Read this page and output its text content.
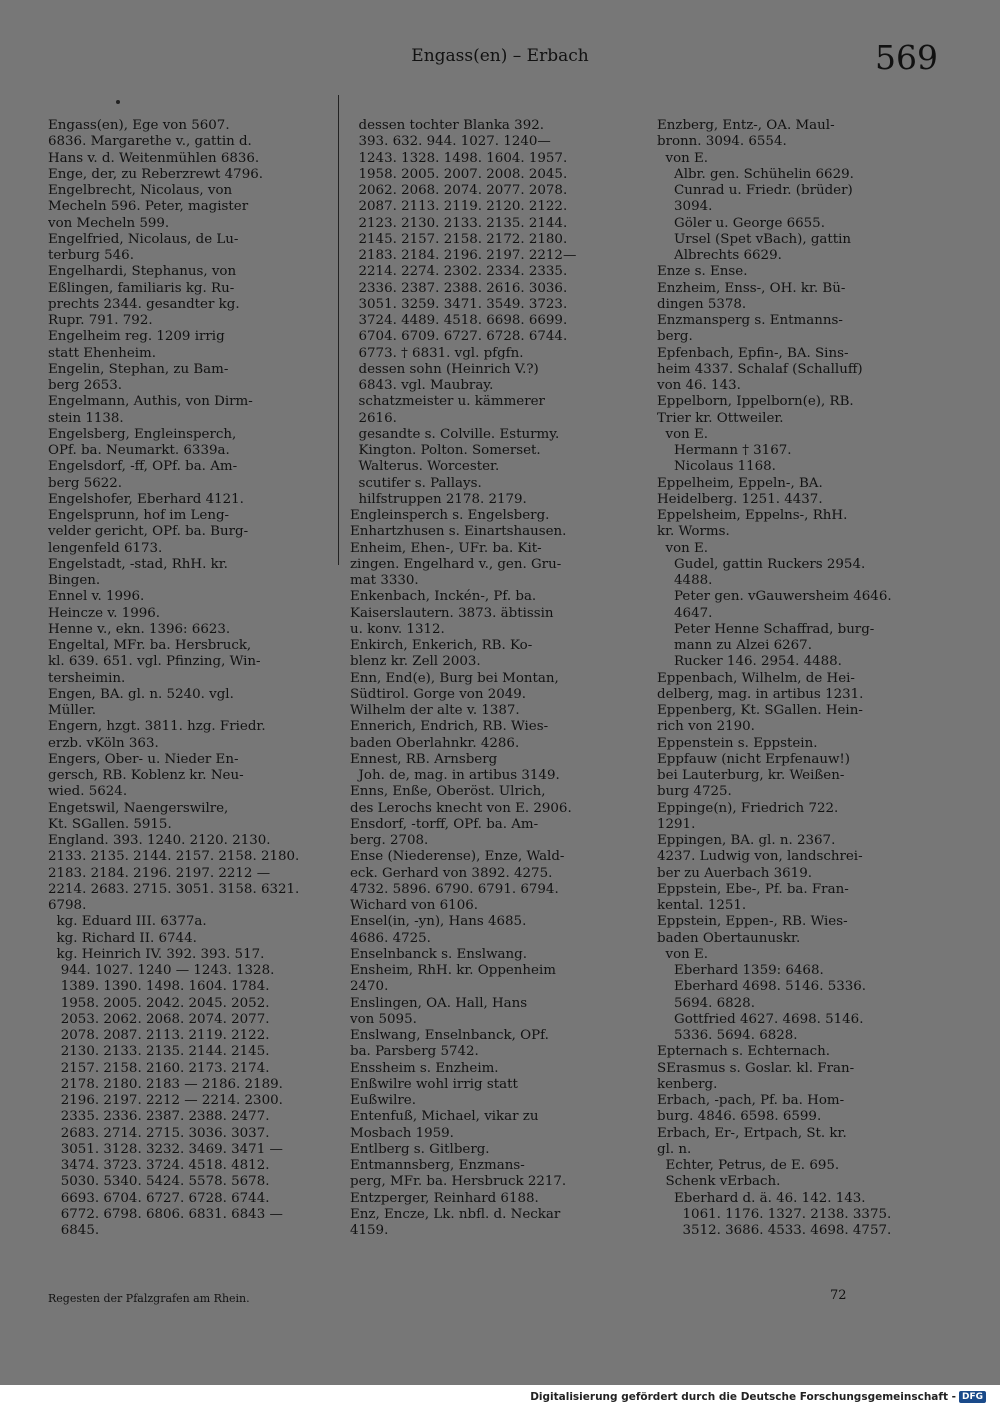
Engass(en) – Erbach	569
Engass(en), Ege von 5607.
6836. Margarethe v., gattin d.
Hans v. d. Weitenmühlen 6836.
Enge, der, zu Reberzrewt 4796.
Engelbrecht, Nicolaus, von
Mecheln 596. Peter, magister
von Mecheln 599.
Engelfried, Nicolaus, de Lu-
terburg 546.
Engelhardi, Stephanus, von
Eßlingen, familiaris kg. Ru-
prechts 2344. gesandter kg.
Rupr. 791. 792.
Engelheim reg. 1209 irrig
statt Ehenheim.
Engelin, Stephan, zu Bam-
berg 2653.
Engelmann, Authis, von Dirm-
stein 1138.
Engelsberg, Engleinsperch,
OPf. ba. Neumarkt. 6339a.
Engelsdorf, -ff, OPf. ba. Am-
berg 5622.
Engelshofer, Eberhard 4121.
Engelsprunn, hof im Leng-
velder gericht, OPf. ba. Burg-
lengenfeld 6173.
Engelstadt, -stad, RhH. kr.
Bingen.
Ennel v. 1996.
Heincze v. 1996.
Henne v., ekn. 1396: 6623.
Engeltal, MFr. ba. Hersbruck,
kl. 639. 651. vgl. Pfinzing, Win-
tersheimin.
Engen, BA. gl. n. 5240. vgl.
Müller.
Engern, hzgt. 3811. hzg. Friedr.
erzb. vKöln 363.
Engers, Ober- u. Nieder En-
gersch, RB. Koblenz kr. Neu-
wied. 5624.
Engetswil, Naengerswilre,
Kt. SGallen. 5915.
England. 393. 1240. 2120. 2130.
2133. 2135. 2144. 2157. 2158. 2180.
2183. 2184. 2196. 2197. 2212 —
2214. 2683. 2715. 3051. 3158. 6321.
6798.
kg. Eduard III. 6377a.
kg. Richard II. 6744.
kg. Heinrich IV. 392. 393. 517.
944. 1027. 1240 — 1243. 1328.
1389. 1390. 1498. 1604. 1784.
1958. 2005. 2042. 2045. 2052.
2053. 2062. 2068. 2074. 2077.
2078. 2087. 2113. 2119. 2122.
2130. 2133. 2135. 2144. 2145.
2157. 2158. 2160. 2173. 2174.
2178. 2180. 2183 — 2186. 2189.
2196. 2197. 2212 — 2214. 2300.
2335. 2336. 2387. 2388. 2477.
2683. 2714. 2715. 3036. 3037.
3051. 3128. 3232. 3469. 3471 —
3474. 3723. 3724. 4518. 4812.
5030. 5340. 5424. 5578. 5678.
6693. 6704. 6727. 6728. 6744.
6772. 6798. 6806. 6831. 6843 —
6845.
dessen tochter Blanka 392.
393. 632. 944. 1027. 1240—
1243. 1328. 1498. 1604. 1957.
1958. 2005. 2007. 2008. 2045.
2062. 2068. 2074. 2077. 2078.
2087. 2113. 2119. 2120. 2122.
2123. 2130. 2133. 2135. 2144.
2145. 2157. 2158. 2172. 2180.
2183. 2184. 2196. 2197. 2212—
2214. 2274. 2302. 2334. 2335.
2336. 2387. 2388. 2616. 3036.
3051. 3259. 3471. 3549. 3723.
3724. 4489. 4518. 6698. 6699.
6704. 6709. 6727. 6728. 6744.
6773. † 6831. vgl. pfgfn.
dessen sohn (Heinrich V.?)
6843. vgl. Maubray.
schatzmeister u. kämmerer
2616.
gesandte s. Colville. Esturmy.
Kington. Polton. Somerset.
Walterus. Worcester.
scutifer s. Pallays.
hilfstruppen 2178. 2179.
Engleinsperch s. Engelsberg.
Enhartzhusen s. Einartshausen.
Enheim, Ehen-, UFr. ba. Kit-
zingen. Engelhard v., gen. Gru-
mat 3330.
Enkenbach, Inckén-, Pf. ba.
Kaiserslautern. 3873. äbtissin
u. konv. 1312.
Enkirch, Enkerich, RB. Ko-
blenz kr. Zell 2003.
Enn, End(e), Burg bei Montan,
Südtirol. Gorge von 2049.
Wilhelm der alte v. 1387.
Ennerich, Endrich, RB. Wies-
baden Oberlahnkr. 4286.
Ennest, RB. Arnsberg
Joh. de, mag. in artibus 3149.
Enns, Enße, Oberöst. Ulrich,
des Lerochs knecht von E. 2906.
Ensdorf, -torff, OPf. ba. Am-
berg. 2708.
Ense (Niederense), Enze, Wald-
eck. Gerhard von 3892. 4275.
4732. 5896. 6790. 6791. 6794.
Wichard von 6106.
Ensel(in, -yn), Hans 4685.
4686. 4725.
Enselnbanck s. Enslwang.
Ensheim, RhH. kr. Oppenheim
2470.
Enslingen, OA. Hall, Hans
von 5095.
Enslwang, Enselnbanck, OPf.
ba. Parsberg 5742.
Enssheim s. Enzheim.
Enßwilre wohl irrig statt
Eußwilre.
Entenfuß, Michael, vikar zu
Mosbach 1959.
Entlberg s. Gitlberg.
Entmannsberg, Enzmans-
perg, MFr. ba. Hersbruck 2217.
Entzperger, Reinhard 6188.
Enz, Encze, Lk. nbfl. d. Neckar
4159.
Enzberg, Entz-, OA. Maul-
bronn. 3094. 6554.
von E.
Albr. gen. Schühelin 6629.
Cunrad u. Friedr. (brüder)
3094.
Göler u. George 6655.
Ursel (Spet vBach), gattin
Albrechts 6629.
Enze s. Ense.
Enzheim, Enss-, OH. kr. Bü-
dingen 5378.
Enzmansperg s. Entmanns-
berg.
Epfenbach, Epfin-, BA. Sins-
heim 4337. Schalaf (Schalluff)
von 46. 143.
Eppelborn, Ippelborn(e), RB.
Trier kr. Ottweiler.
von E.
Hermann † 3167.
Nicolaus 1168.
Eppelheim, Eppeln-, BA.
Heidelberg. 1251. 4437.
Eppelsheim, Eppelns-, RhH.
kr. Worms.
von E.
Gudel, gattin Ruckers 2954.
4488.
Peter gen. vGauwersheim 4646.
4647.
Peter Henne Schaffrad, burg-
mann zu Alzei 6267.
Rucker 146. 2954. 4488.
Eppenbach, Wilhelm, de Hei-
delberg, mag. in artibus 1231.
Eppenberg, Kt. SGallen. Hein-
rich von 2190.
Eppenstein s. Eppstein.
Eppfauw (nicht Erpfenauw!)
bei Lauterburg, kr. Weißen-
burg 4725.
Eppinge(n), Friedrich 722.
1291.
Eppingen, BA. gl. n. 2367.
4237. Ludwig von, landschrei-
ber zu Auerbach 3619.
Eppstein, Ebe-, Pf. ba. Fran-
kental. 1251.
Eppstein, Eppen-, RB. Wies-
baden Obertaunuskr.
von E.
Eberhard 1359: 6468.
Eberhard 4698. 5146. 5336.
5694. 6828.
Gottfried 4627. 4698. 5146.
5336. 5694. 6828.
Epternach s. Echternach.
SErasmus s. Goslar. kl. Fran-
kenberg.
Erbach, -pach, Pf. ba. Hom-
burg. 4846. 6598. 6599.
Erbach, Er-, Ertpach, St. kr.
gl. n.
Echter, Petrus, de E. 695.
Schenk vErbach.
Eberhard d. ä. 46. 142. 143.
1061. 1176. 1327. 2138. 3375.
3512. 3686. 4533. 4698. 4757.
Regesten der Pfalzgrafen am Rhein.	72
Digitalisierung gefördert durch die Deutsche Forschungsgemeinschaft - DFG
